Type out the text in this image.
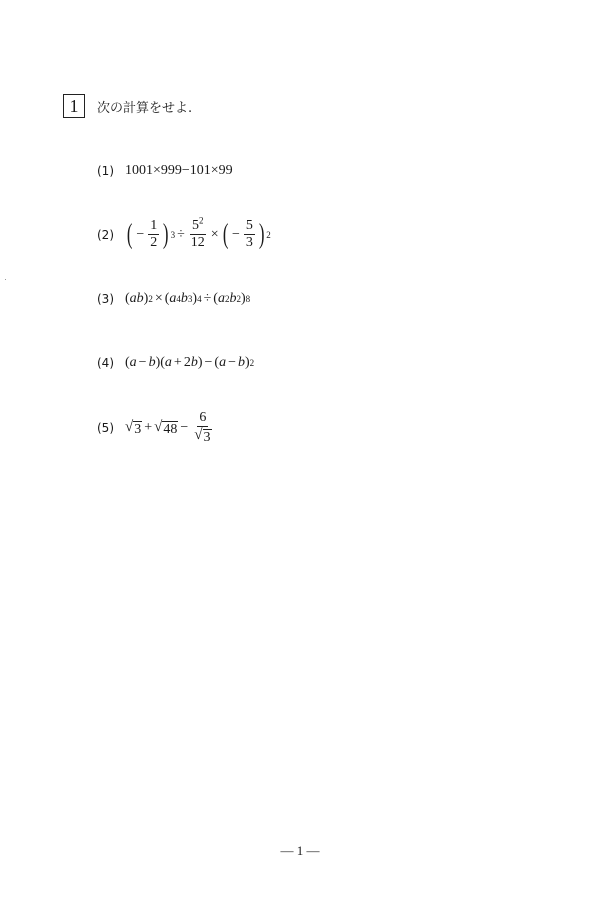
1 次の計算をせよ.
(1) 1001×999−101×99
(2) ( − $\frac{1}{2}$ ) $3 \div \frac{5^2}{12}$ × ( − $\frac{5}{3}$ ) 2
(3) ( a b ) 2 × ( a 4 b 3 ) 4 ÷ ( a 2 b 2 ) 8
(4) ( a − b )( a + 2 b ) − ( a − b ) 2
(5) √ 3 + √ $48 - \frac{6}{√ 3}$
— 1 —
